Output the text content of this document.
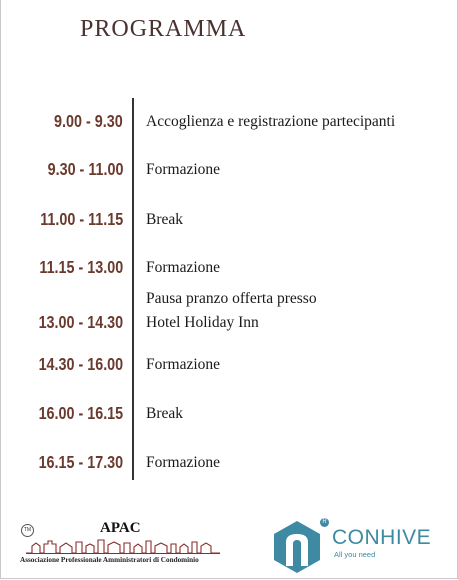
PROGRAMMA
9.00 - 9.30 Accoglienza e registrazione partecipanti
9.30 - 11.00 Formazione
11.00 - 11.15 Break
11.15 - 13.00 Formazione
13.00 - 14.30
Pausa pranzo offerta presso
Hotel Holiday Inn
14.30 - 16.00 Formazione
16.00 - 16.15 Break
16.15 - 17.30 Formazione
TM	APAC
Associazione Professionale Amministratori di Condominio
R
CONHIVE
All you need
